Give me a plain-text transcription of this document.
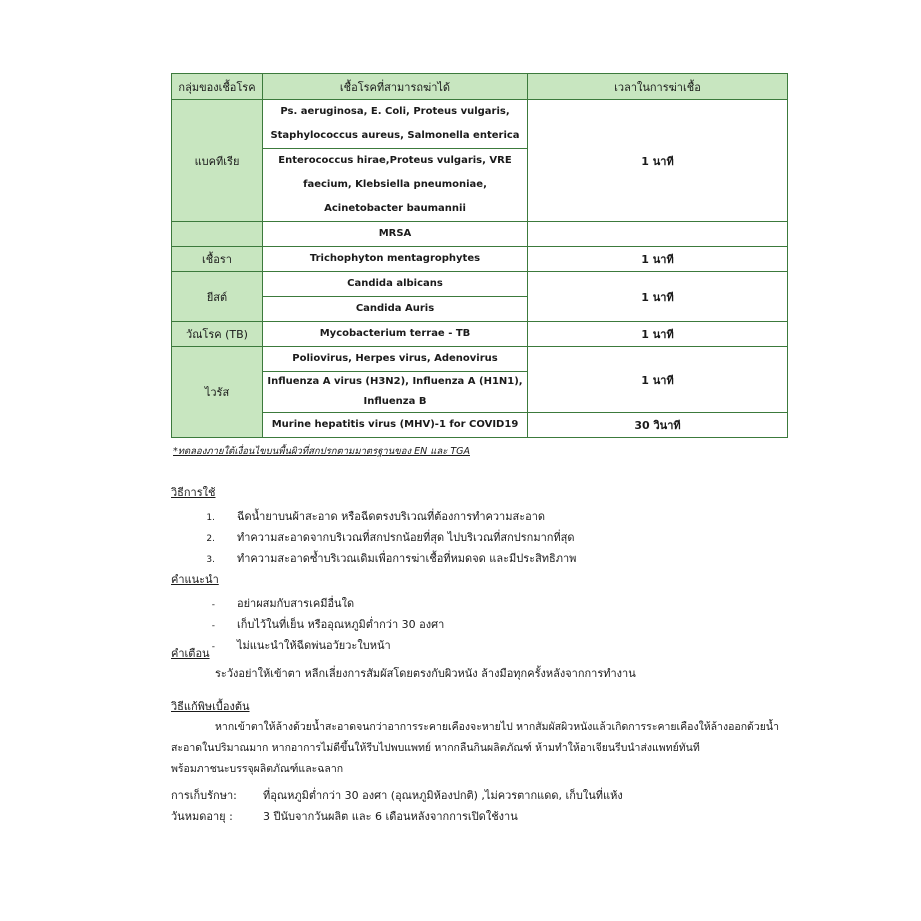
กลุ่มของเชื้อโรค	เชื้อโรคที่สามารถฆ่าได้	เวลาในการฆ่าเชื้อ
แบคทีเรีย	Ps. aeruginosa, E. Coli, Proteus vulgaris, Staphylococcus aureus, Salmonella enterica	1 นาที
	Enterococcus hirae,Proteus vulgaris, VRE faecium, Klebsiella pneumoniae, Acinetobacter baumannii	
	MRSA	
เชื้อรา	Trichophyton mentagrophytes	1 นาที
ยีสต์	Candida albicans	1 นาที
	Candida Auris	
วัณโรค (TB)	Mycobacterium terrae - TB	1 นาที
ไวรัส	Poliovirus, Herpes virus, Adenovirus	1 นาที
	Influenza A virus (H3N2), Influenza A (H1N1), Influenza B	
	Murine hepatitis virus (MHV)-1 for COVID19	30 วินาที
*ทดลองภายใต้เงื่อนไขบนพื้นผิวที่สกปรกตามมาตรฐานของ EN และ TGA
วิธีการใช้
1. ฉีดน้ำยาบนผ้าสะอาด หรือฉีดตรงบริเวณที่ต้องการทำความสะอาด
2. ทำความสะอาดจากบริเวณที่สกปรกน้อยที่สุด ไปบริเวณที่สกปรกมากที่สุด
3. ทำความสะอาดซ้ำบริเวณเดิมเพื่อการฆ่าเชื้อที่หมดจด และมีประสิทธิภาพ
คำแนะนำ
- อย่าผสมกับสารเคมีอื่นใด
- เก็บไว้ในที่เย็น หรืออุณหภูมิต่ำกว่า 30 องศา
- ไม่แนะนำให้ฉีดพ่นอวัยวะใบหน้า
คำเตือน
ระวังอย่าให้เข้าตา หลีกเลี่ยงการสัมผัสโดยตรงกับผิวหนัง ล้างมือทุกครั้งหลังจากการทำงาน
วิธีแก้พิษเบื้องต้น
หากเข้าตาให้ล้างด้วยน้ำสะอาดจนกว่าอาการระคายเคืองจะหายไป หากสัมผัสผิวหนังแล้วเกิดการระคายเคืองให้ล้างออกด้วยน้ำ
สะอาดในปริมาณมาก หากอาการไม่ดีขึ้นให้รีบไปพบแพทย์ หากกลืนกินผลิตภัณฑ์ ห้ามทำให้อาเจียนรีบนำส่งแพทย์ทันที
พร้อมภาชนะบรรจุผลิตภัณฑ์และฉลาก
การเก็บรักษา: ที่อุณหภูมิต่ำกว่า 30 องศา (อุณหภูมิห้องปกติ) ,ไม่ควรตากแดด, เก็บในที่แห้ง
วันหมดอายุ :	3 ปีนับจากวันผลิต และ 6 เดือนหลังจากการเปิดใช้งาน
